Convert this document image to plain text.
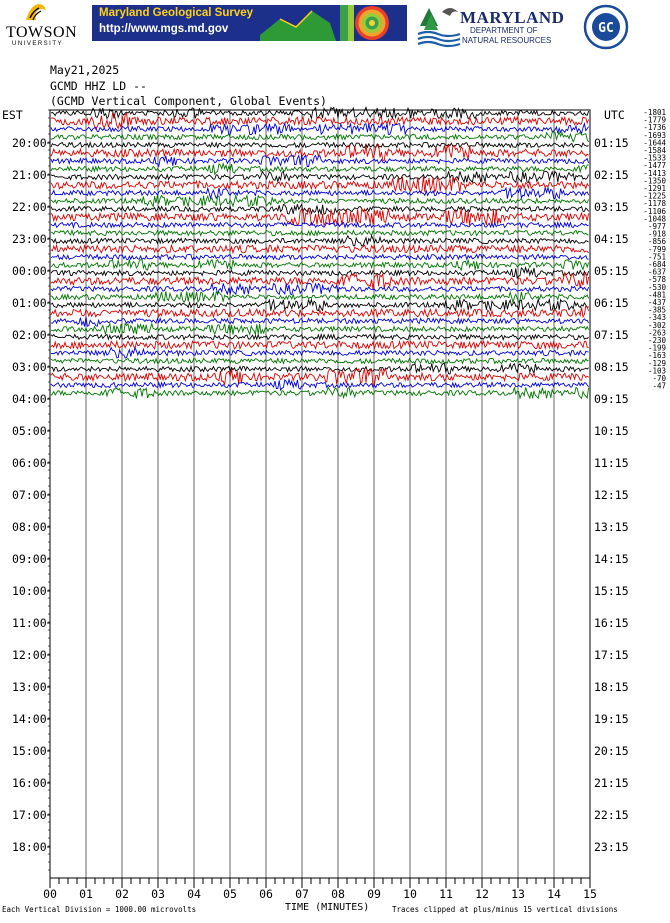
TOWSON
UNIVERSITY
Maryland Geological Survey
http://www.mgs.md.gov
MARYLAND
DEPARTMENT OF
NATURAL RESOURCES
GC
May21,2025
GCMD HHZ LD --
(GCMD Vertical Component, Global Events)
00 01 02 03 04 05 06 07 08 09 10 11 12 13 14 15
EST	UTC
20:00
21:00
22:00
23:00
00:00
01:00
02:00
03:00
04:00
05:00
06:00
07:00
08:00
09:00
10:00
11:00
12:00
13:00
14:00
15:00
16:00
17:00
18:00
01:15
02:15
03:15
04:15
05:15
06:15
07:15
08:15
09:15
10:15
11:15
12:15
13:15
14:15
15:15
16:15
17:15
18:15
19:15
20:15
21:15
22:15
23:15
-1801
-1779
-1736
-1693
-1644
-1584
-1533
-1477
-1413
-1350
-1291
-1225
-1178
-1106
-1048
-977
-918
-856
-799
-751
-684
-637
-578
-530
-481
-437
-385
-343
-302
-263
-230
-199
-163
-129
-103
-70
-47
Each Vertical Division = 1000.00 microvolts	TIME (MINUTES)	Traces clipped at plus/minus 15 vertical divisions
